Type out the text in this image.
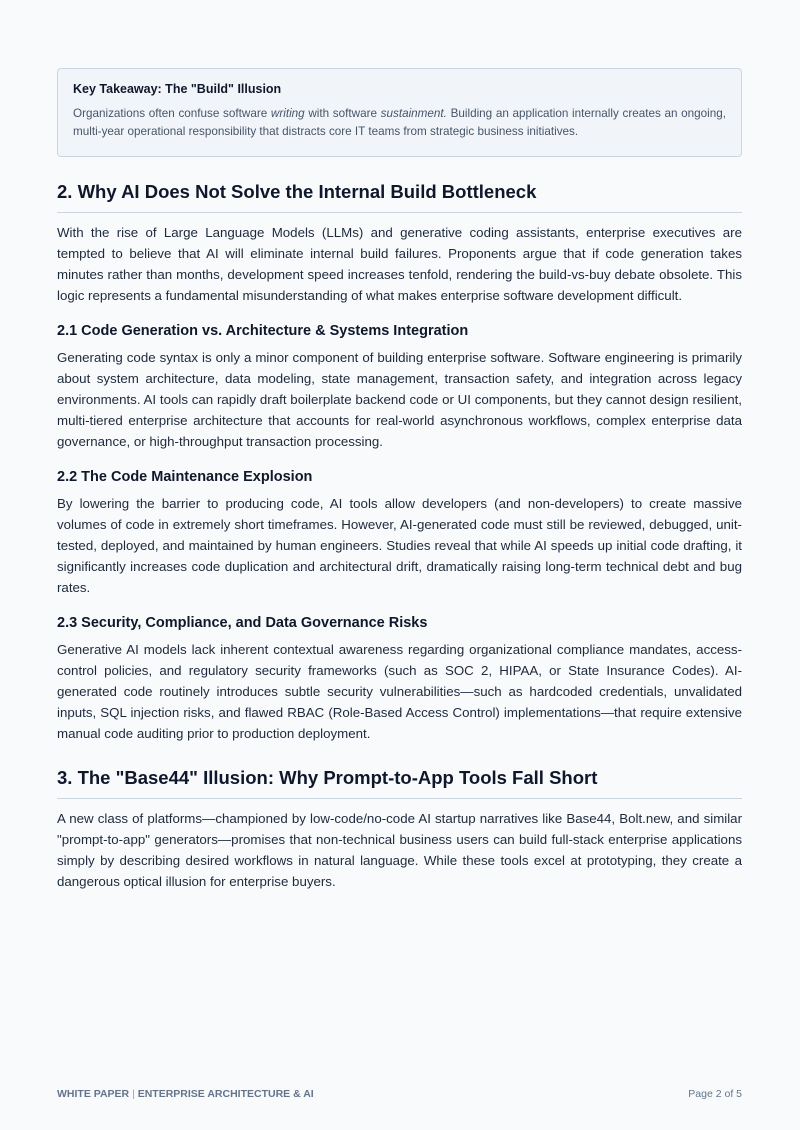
Key Takeaway: The "Build" Illusion

Organizations often confuse software writing with software sustainment. Building an application internally creates an ongoing, multi-year operational responsibility that distracts core IT teams from strategic business initiatives.

2. Why AI Does Not Solve the Internal Build Bottleneck

With the rise of Large Language Models (LLMs) and generative coding assistants, enterprise executives are tempted to believe that AI will eliminate internal build failures. Proponents argue that if code generation takes minutes rather than months, development speed increases tenfold, rendering the build-vs-buy debate obsolete. This logic represents a fundamental misunderstanding of what makes enterprise software development difficult.

2.1 Code Generation vs. Architecture & Systems Integration

Generating code syntax is only a minor component of building enterprise software. Software engineering is primarily about system architecture, data modeling, state management, transaction safety, and integration across legacy environments. AI tools can rapidly draft boilerplate backend code or UI components, but they cannot design resilient, multi-tiered enterprise architecture that accounts for real-world asynchronous workflows, complex enterprise data governance, or high-throughput transaction processing.

2.2 The Code Maintenance Explosion

By lowering the barrier to producing code, AI tools allow developers (and non-developers) to create massive volumes of code in extremely short timeframes. However, AI-generated code must still be reviewed, debugged, unit-tested, deployed, and maintained by human engineers. Studies reveal that while AI speeds up initial code drafting, it significantly increases code duplication and architectural drift, dramatically raising long-term technical debt and bug rates.

2.3 Security, Compliance, and Data Governance Risks

Generative AI models lack inherent contextual awareness regarding organizational compliance mandates, access-control policies, and regulatory security frameworks (such as SOC 2, HIPAA, or State Insurance Codes). AI-generated code routinely introduces subtle security vulnerabilities—such as hardcoded credentials, unvalidated inputs, SQL injection risks, and flawed RBAC (Role-Based Access Control) implementations—that require extensive manual code auditing prior to production deployment.

3. The "Base44" Illusion: Why Prompt-to-App Tools Fall Short

A new class of platforms—championed by low-code/no-code AI startup narratives like Base44, Bolt.new, and similar "prompt-to-app" generators—promises that non-technical business users can build full-stack enterprise applications simply by describing desired workflows in natural language. While these tools excel at prototyping, they create a dangerous optical illusion for enterprise buyers.

WHITE PAPER | ENTERPRISE ARCHITECTURE & AI	Page 2 of 5
